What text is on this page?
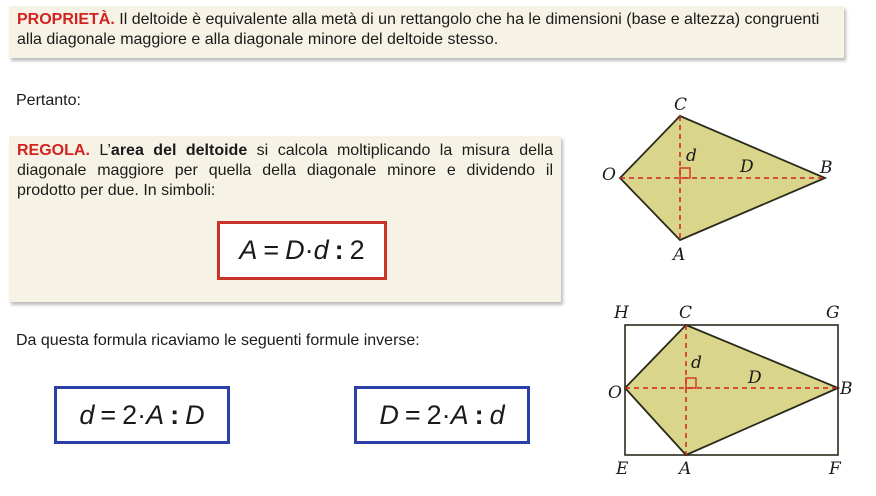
PROPRIETÀ. Il deltoide è equivalente alla metà di un rettangolo che ha le dimensioni (base e altezza) congruenti alla diagonale maggiore e alla diagonale minore del deltoide stesso.
Pertanto:
REGOLA. L’area del deltoide si calcola moltiplicando la misura della diagonale maggiore per quella della diagonale minore e dividendo il prodotto per due. In simboli:
A = D · d : 2
Da questa formula ricaviamo le seguenti formule inverse:
d = 2 · A : D	D = 2 · A : d
C
O	B
A
d
D
H	C	G
O	B
E	A	F
d
D
